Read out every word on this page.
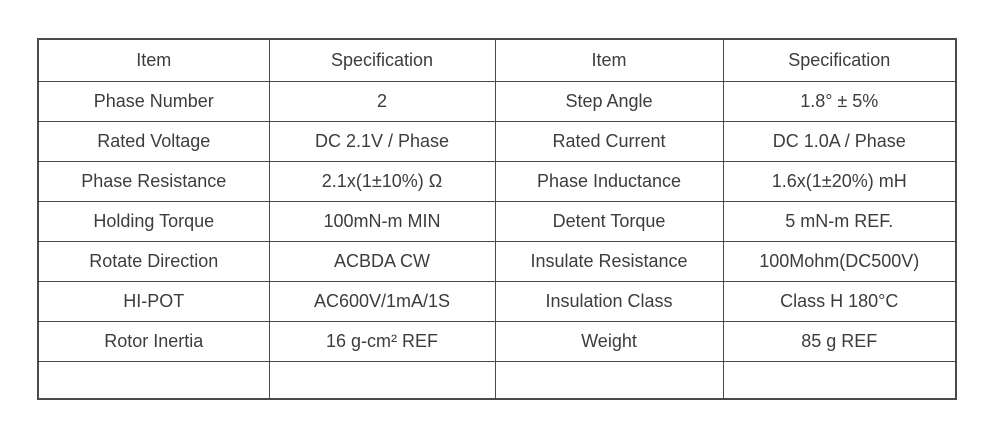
Item	Specification	Item	Specification
Phase Number	2	Step Angle	1.8° ± 5%
Rated Voltage	DC 2.1V / Phase	Rated Current	DC 1.0A / Phase
Phase Resistance	2.1x(1±10%) Ω	Phase Inductance	1.6x(1±20%) mH
Holding Torque	100mN-m MIN	Detent Torque	5 mN-m REF.
Rotate Direction	ACBDA CW	Insulate Resistance	100Mohm(DC500V)
HI-POT	AC600V/1mA/1S	Insulation Class	Class H 180°C
Rotor Inertia	16 g-cm² REF	Weight	85 g REF
